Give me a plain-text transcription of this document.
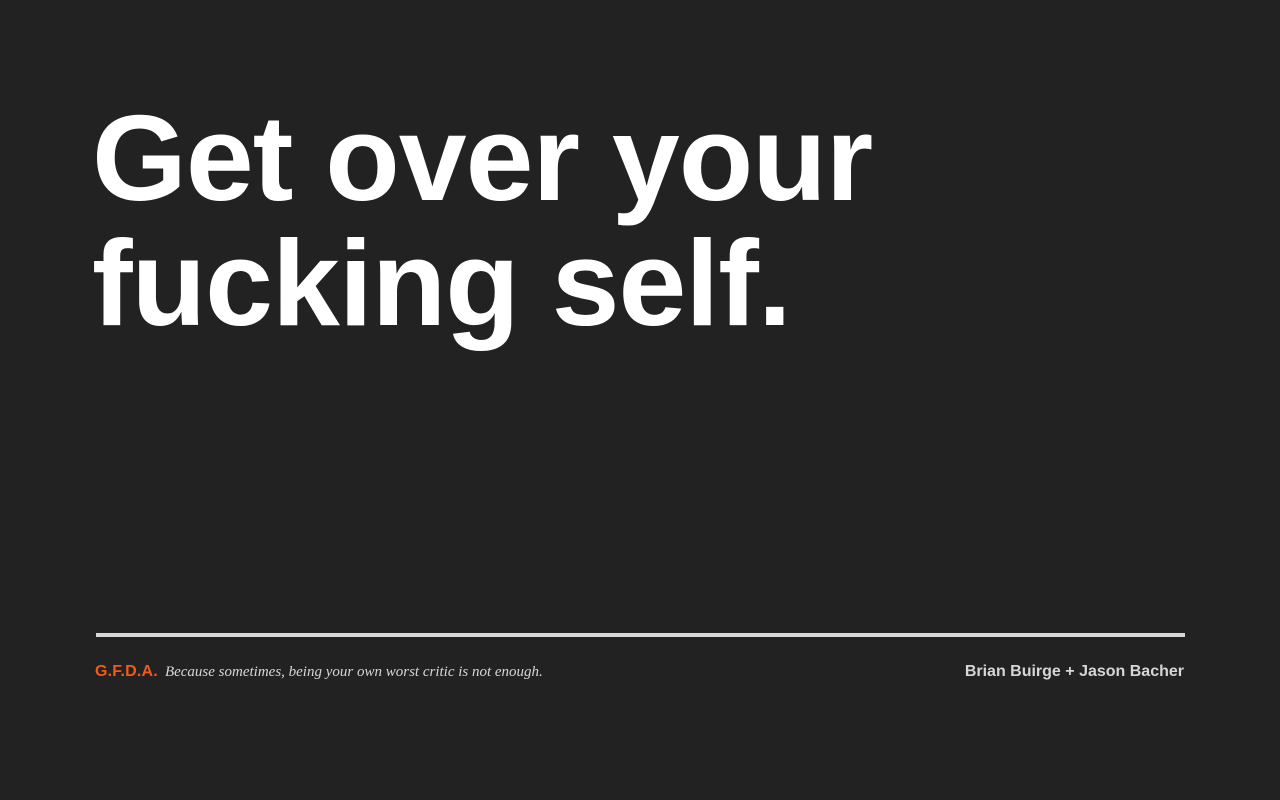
Get over your
fucking self.
G.F.D.A. Because sometimes, being your own worst critic is not enough.	Brian Buirge + Jason Bacher
